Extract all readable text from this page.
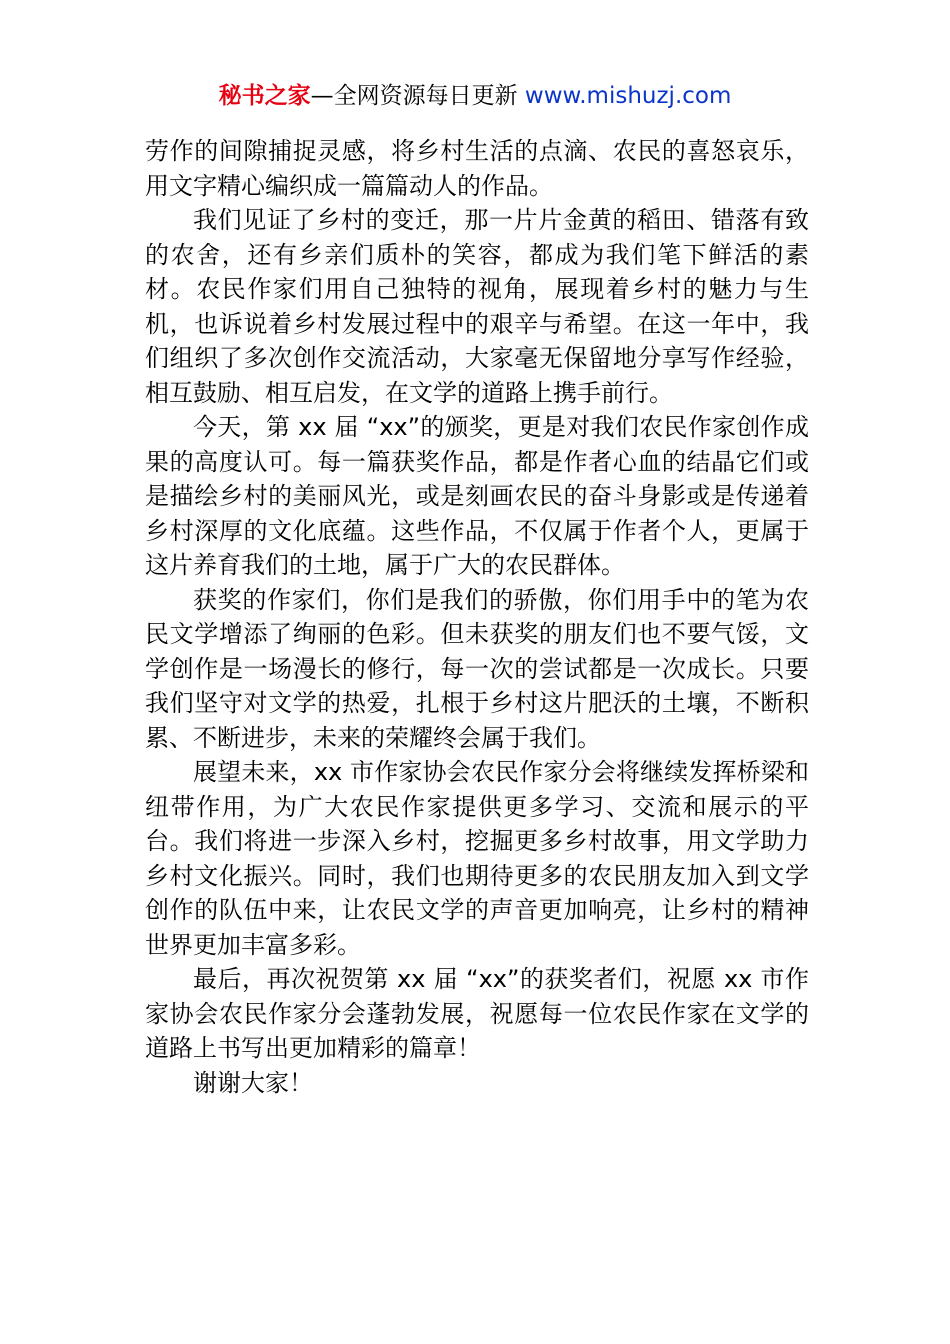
秘书之家—全网资源每日更新 www.mishuzj.com

劳作的间隙捕捉灵感，将乡村生活的点滴、农民的喜怒哀乐，用文字精心编织成一篇篇动人的作品。

我们见证了乡村的变迁，那一片片金黄的稻田、错落有致的农舍，还有乡亲们质朴的笑容，都成为我们笔下鲜活的素材。农民作家们用自己独特的视角，展现着乡村的魅力与生机，也诉说着乡村发展过程中的艰辛与希望。在这一年中，我们组织了多次创作交流活动，大家毫无保留地分享写作经验，相互鼓励、相互启发，在文学的道路上携手前行。

今天，第 xx 届 “xx”的颁奖，更是对我们农民作家创作成果的高度认可。每一篇获奖作品，都是作者心血的结晶它们或是描绘乡村的美丽风光，或是刻画农民的奋斗身影或是传递着乡村深厚的文化底蕴。这些作品，不仅属于作者个人，更属于这片养育我们的土地，属于广大的农民群体。

获奖的作家们，你们是我们的骄傲，你们用手中的笔为农民文学增添了绚丽的色彩。但未获奖的朋友们也不要气馁，文学创作是一场漫长的修行，每一次的尝试都是一次成长。只要我们坚守对文学的热爱，扎根于乡村这片肥沃的土壤，不断积累、不断进步，未来的荣耀终会属于我们。

展望未来，xx 市作家协会农民作家分会将继续发挥桥梁和纽带作用，为广大农民作家提供更多学习、交流和展示的平台。我们将进一步深入乡村，挖掘更多乡村故事，用文学助力乡村文化振兴。同时，我们也期待更多的农民朋友加入到文学创作的队伍中来，让农民文学的声音更加响亮，让乡村的精神世界更加丰富多彩。

最后，再次祝贺第 xx 届 “xx”的获奖者们，祝愿 xx 市作家协会农民作家分会蓬勃发展，祝愿每一位农民作家在文学的道路上书写出更加精彩的篇章！

谢谢大家！
